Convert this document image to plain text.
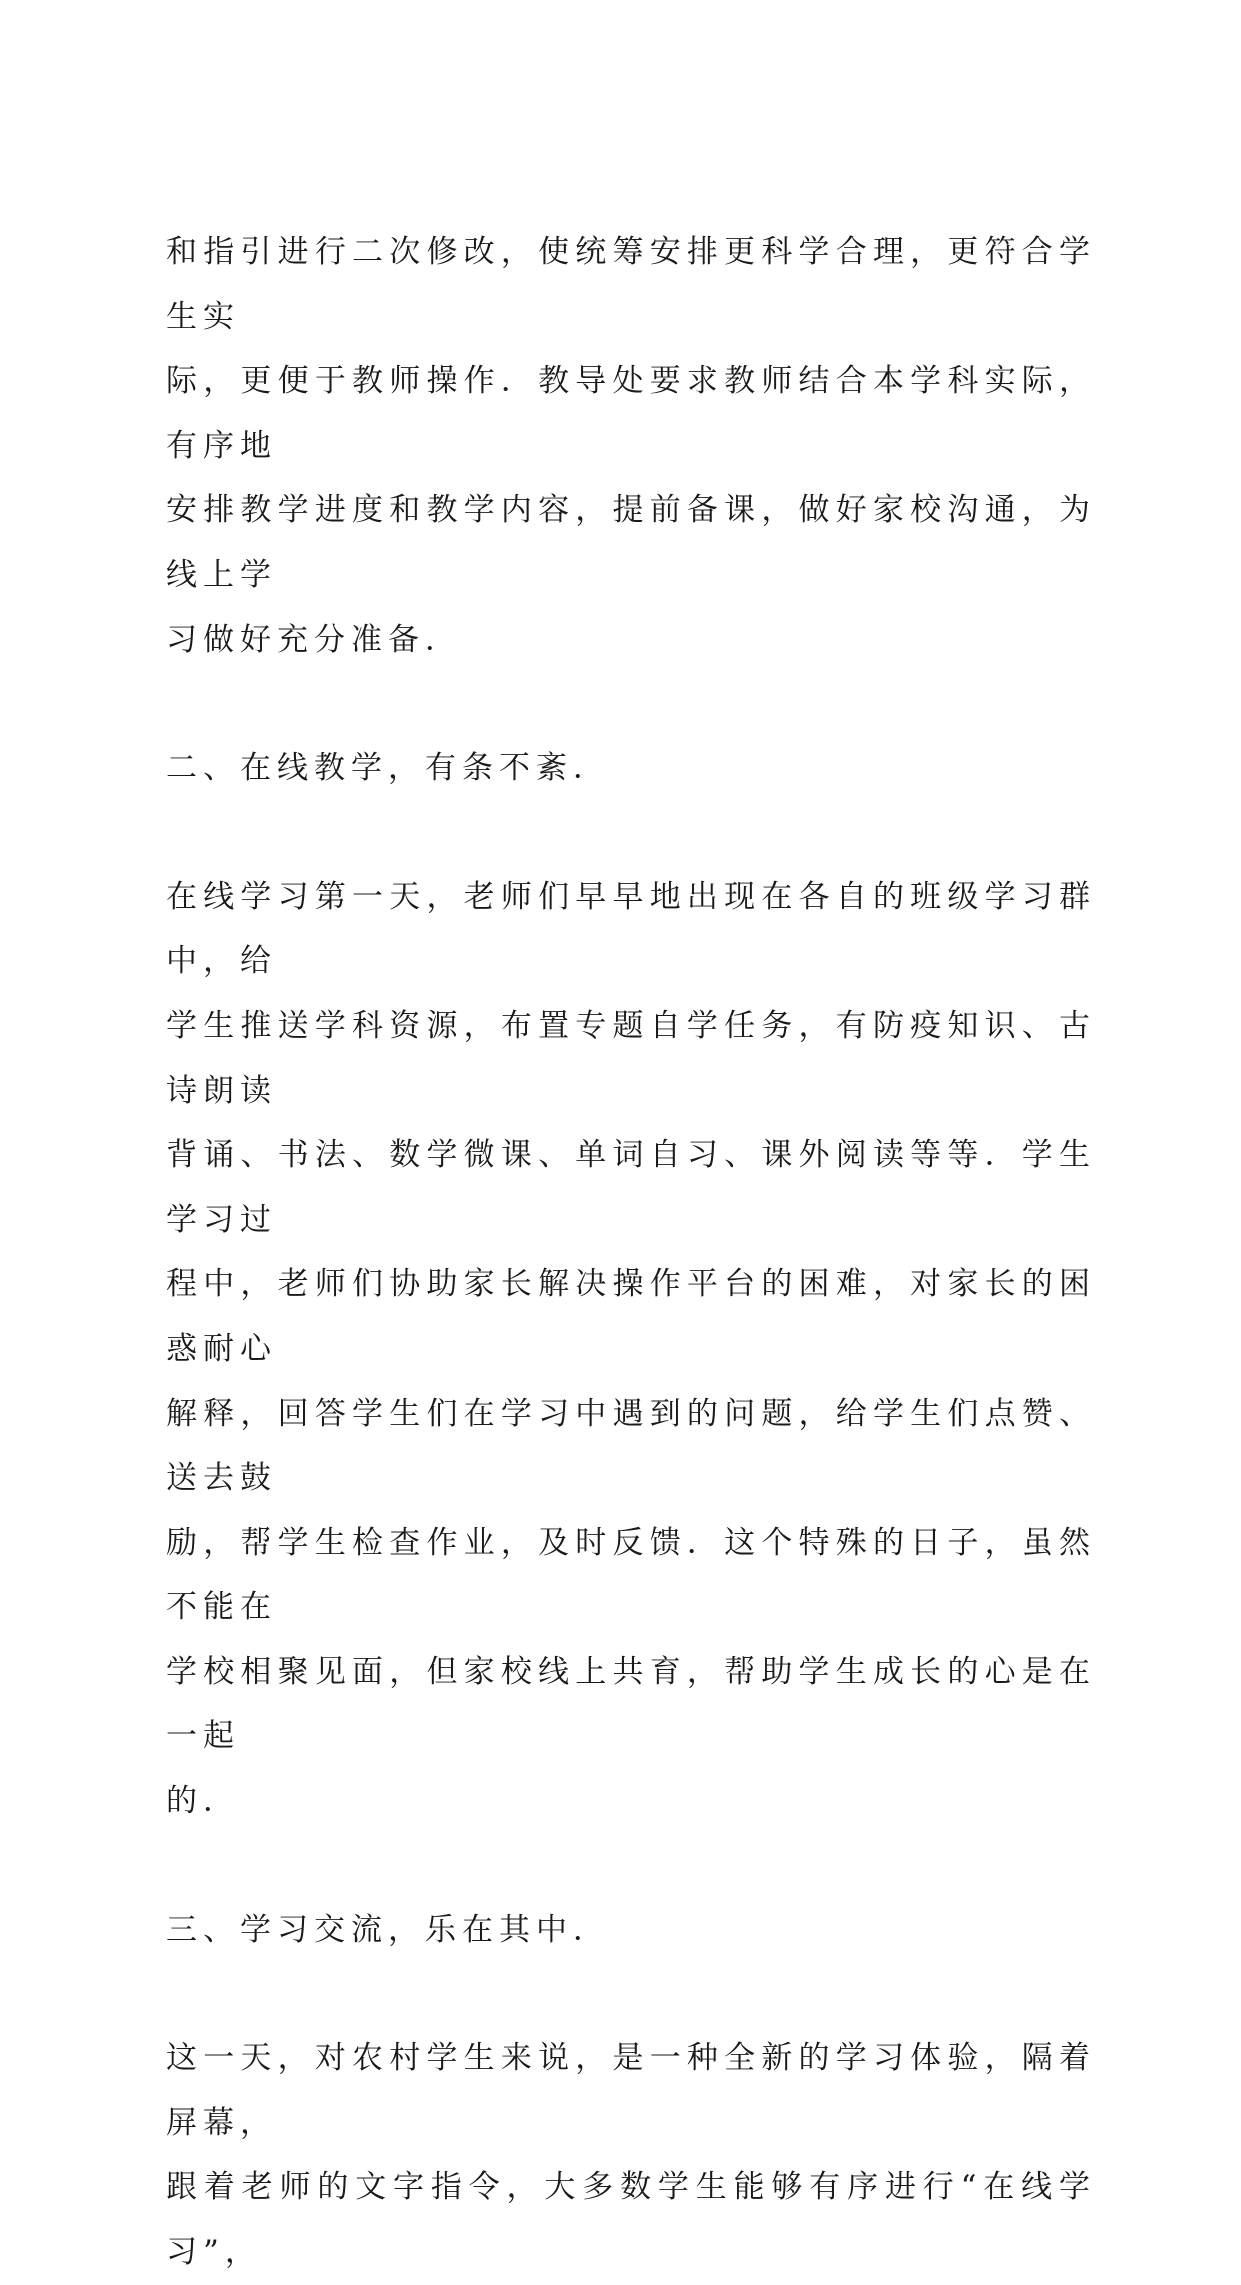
和指引进行二次修改，使统筹安排更科学合理，更符合学生实
际，更便于教师操作．教导处要求教师结合本学科实际，有序地
安排教学进度和教学内容，提前备课，做好家校沟通，为线上学
习做好充分准备．

二、在线教学，有条不紊．

在线学习第一天，老师们早早地出现在各自的班级学习群中，给
学生推送学科资源，布置专题自学任务，有防疫知识、古诗朗读
背诵、书法、数学微课、单词自习、课外阅读等等．学生学习过
程中，老师们协助家长解决操作平台的困难，对家长的困惑耐心
解释，回答学生们在学习中遇到的问题，给学生们点赞、送去鼓
励，帮学生检查作业，及时反馈．这个特殊的日子，虽然不能在
学校相聚见面，但家校线上共育，帮助学生成长的心是在一起
的．

三、学习交流，乐在其中．

这一天，对农村学生来说，是一种全新的学习体验，隔着屏幕，
跟着老师的文字指令，大多数学生能够有序进行“在线学习”，
